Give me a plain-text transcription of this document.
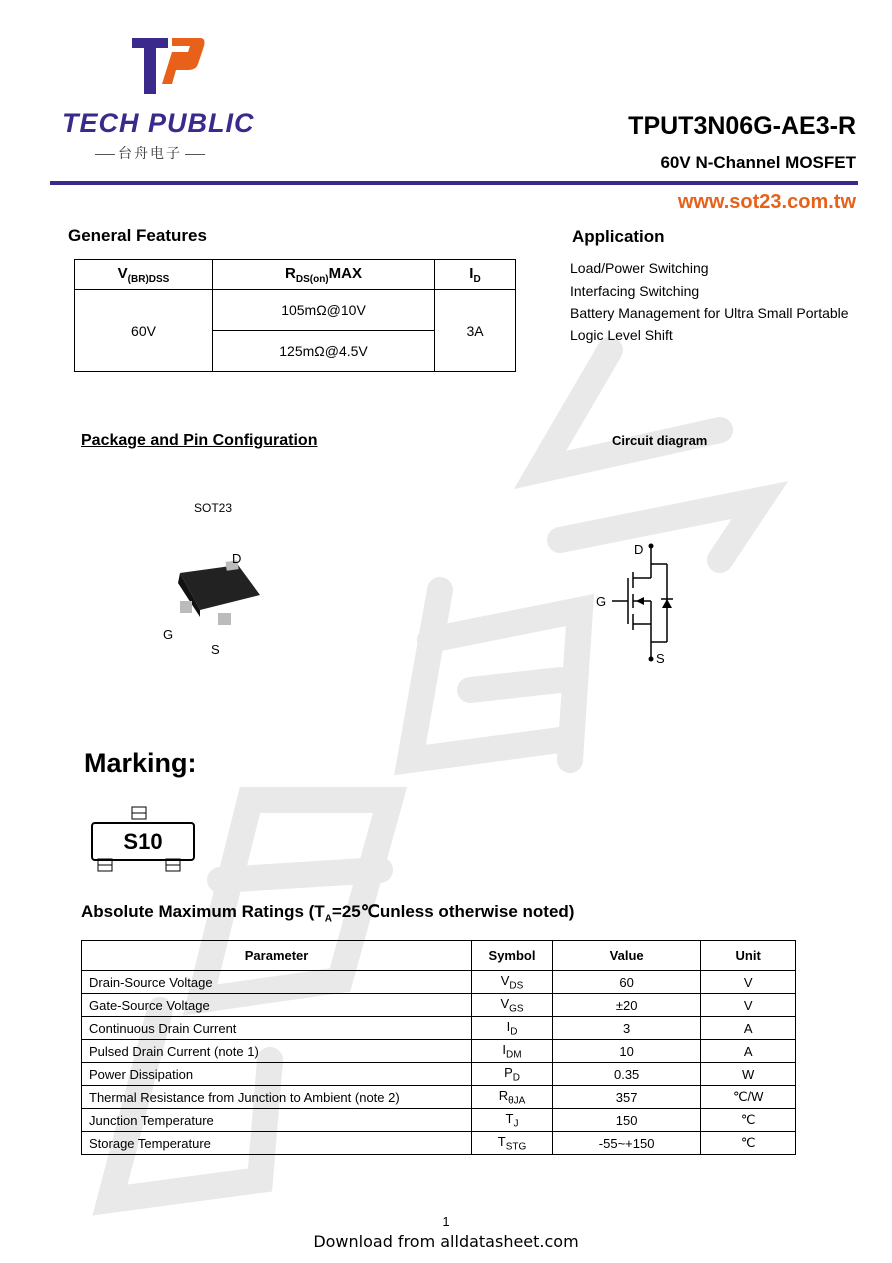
TECH PUBLIC
台舟电子
TPUT3N06G-AE3-R
60V N-Channel MOSFET
www.sot23.com.tw
General Features
$V_{(BR)DSS}$	$R_{DS(on)}MAX$	$I_D$
60V	105mΩ@10V	3A
	125mΩ@4.5V	
Application
Load/Power Switching
Interfacing Switching
Battery Management for Ultra Small Portable
Logic Level Shift
Package and Pin Configuration	Circuit diagram
SOT23
D
G
S
D
G
S
Marking:
S10
Absolute Maximum Ratings ($T_A=25℃unless$ otherwise noted)
Parameter	Symbol	Value	Unit
Drain-Source Voltage	$V_{DS}$	60	V
Gate-Source Voltage	$V_{GS}$	±20	V
Continuous Drain Current	$I_D$	3	A
Pulsed Drain Current (note 1)	$I_{DM}$	10	A
Power Dissipation	$P_D$	0.35	W
Thermal Resistance from Junction to Ambient (note 2)	$R_{\theta JA}$	357	℃/W
Junction Temperature	$T_J$	150	℃
Storage Temperature	$T_{STG}$	-55~+150	℃
1
Download from alldatasheet.com
